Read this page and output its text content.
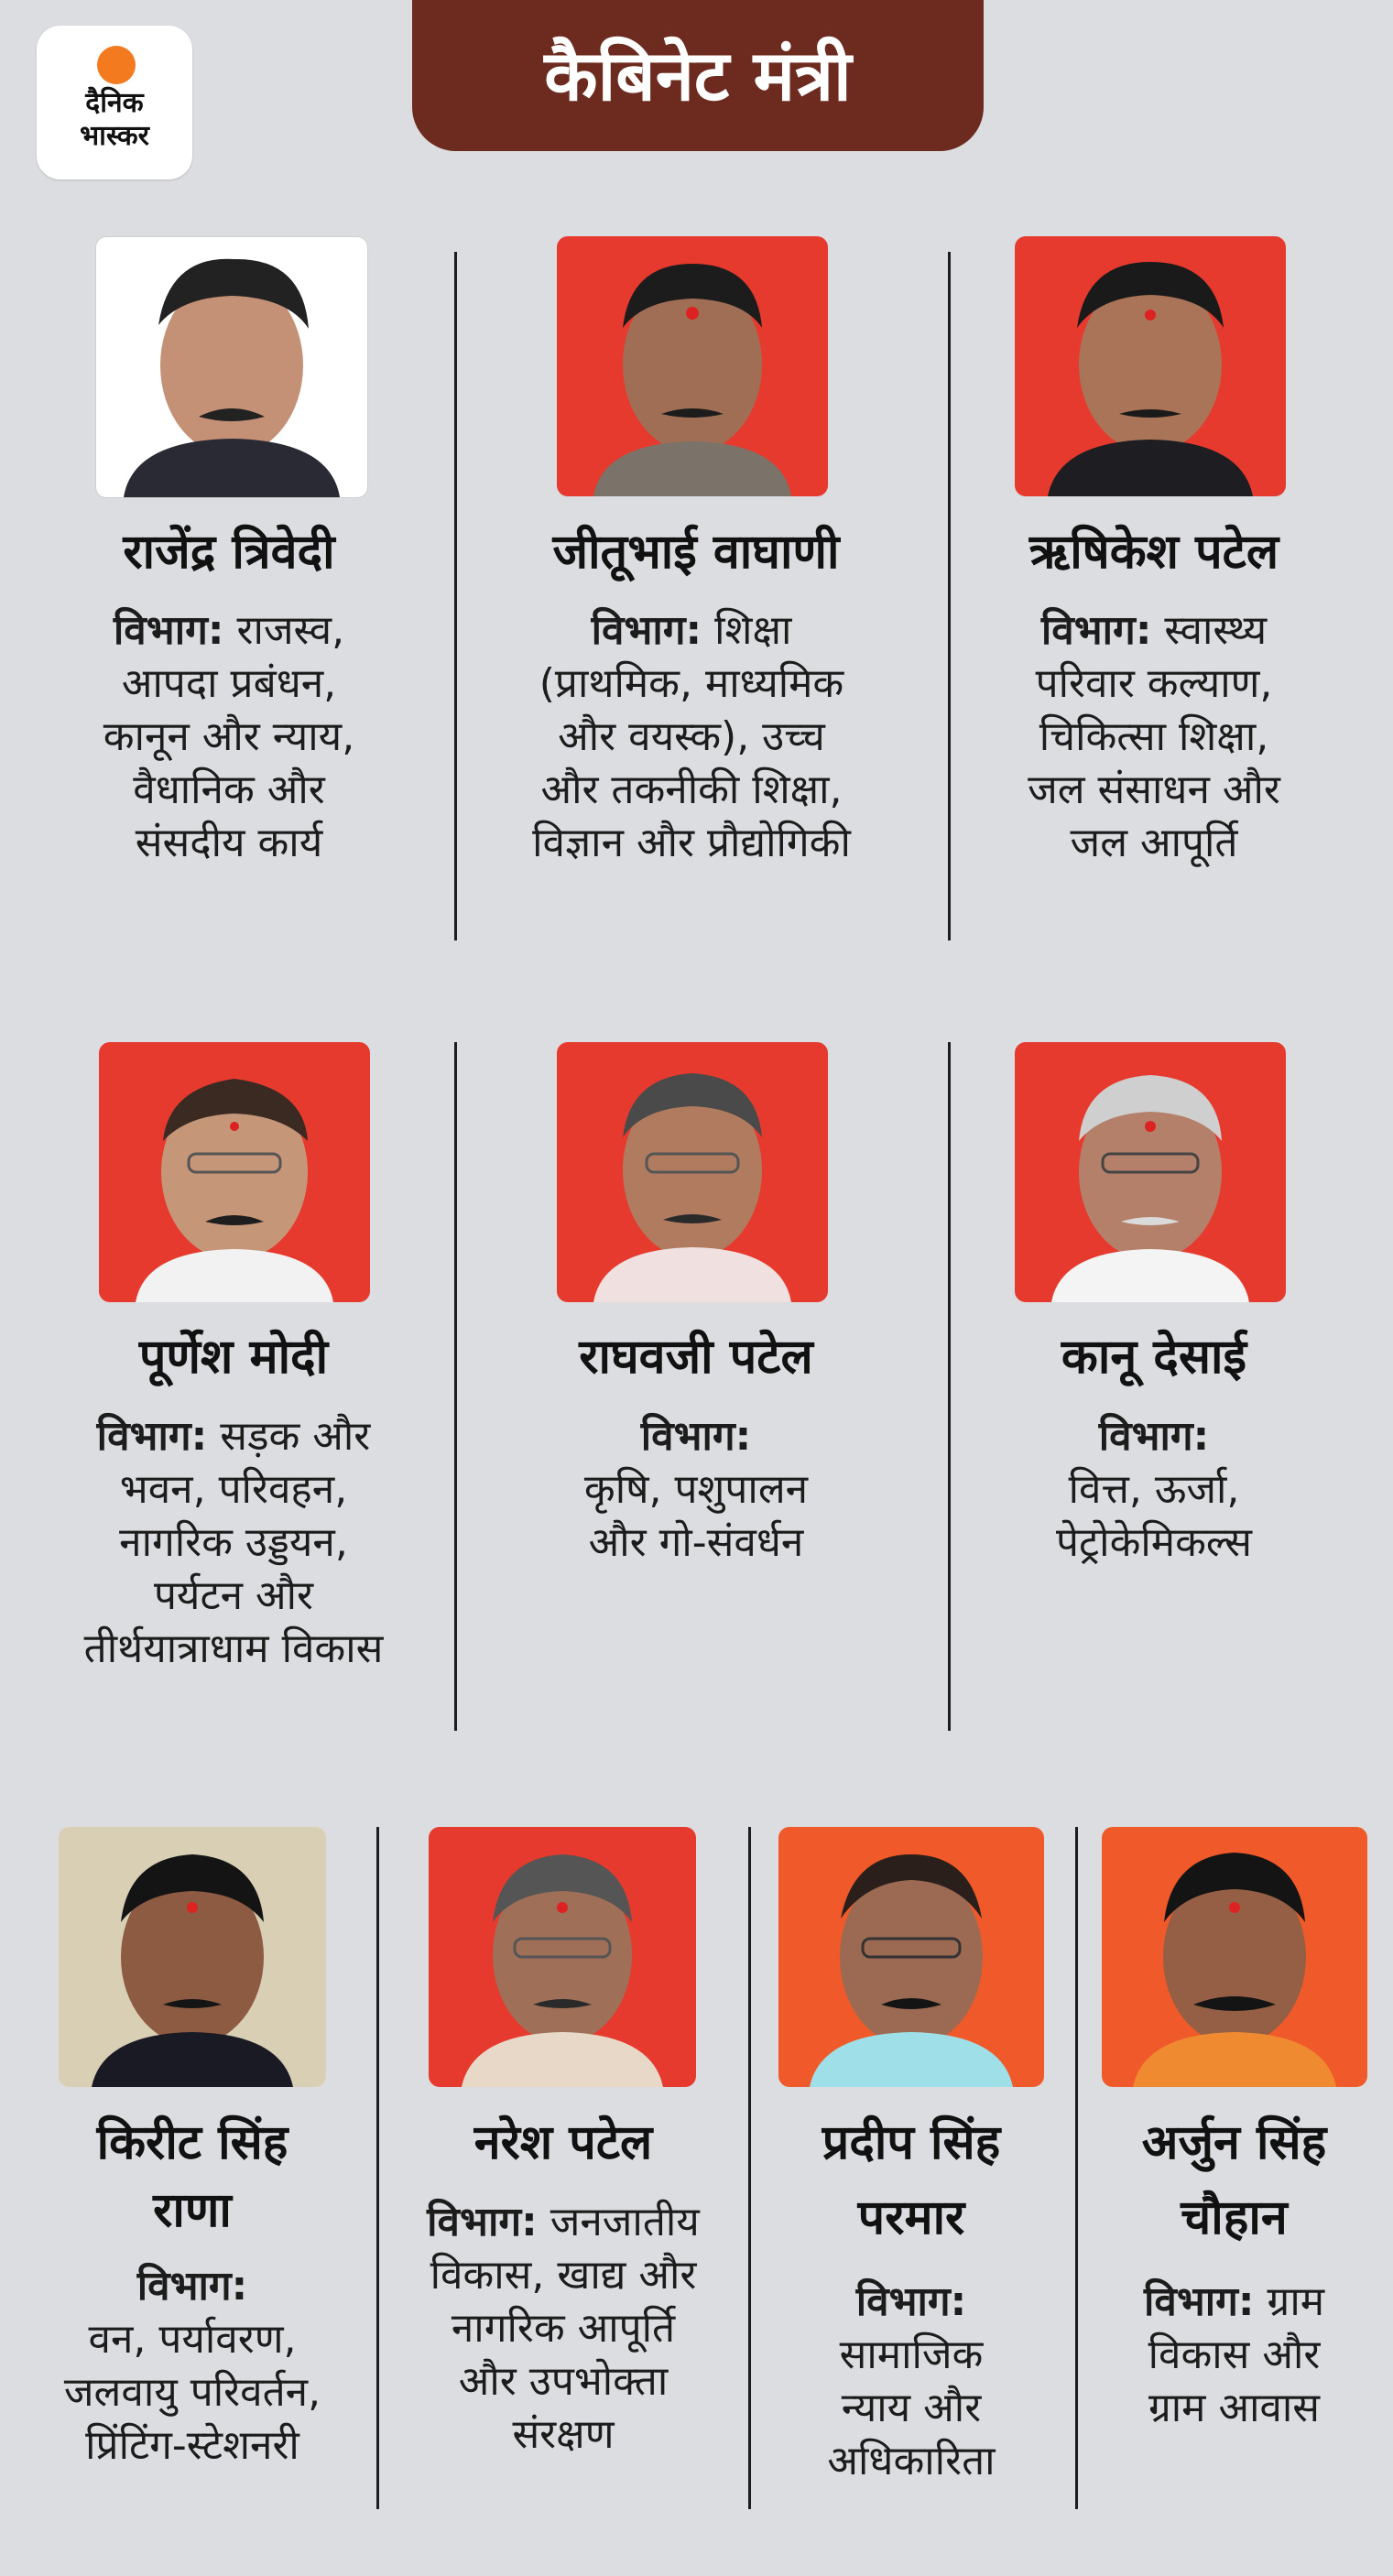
दैनिक
भास्कर
कैबिनेट मंत्री
राजेंद्र त्रिवेदी
विभाग: राजस्व,
आपदा प्रबंधन,
कानून और न्याय,
वैधानिक और
संसदीय कार्य
जीतूभाई वाघाणी
विभाग: शिक्षा
(प्राथमिक, माध्यमिक
और वयस्क), उच्च
और तकनीकी शिक्षा,
विज्ञान और प्रौद्योगिकी
ऋषिकेश पटेल
विभाग: स्वास्थ्य
परिवार कल्याण,
चिकित्सा शिक्षा,
जल संसाधन और
जल आपूर्ति
पूर्णेश मोदी
विभाग: सड़क और
भवन, परिवहन,
नागरिक उड्डयन,
पर्यटन और
तीर्थयात्राधाम विकास
राघवजी पटेल
विभाग:
कृषि, पशुपालन
और गो-संवर्धन
कानू देसाई
विभाग:
वित्त, ऊर्जा,
पेट्रोकेमिकल्स
किरीट सिंह
राणा
विभाग:
वन, पर्यावरण,
जलवायु परिवर्तन,
प्रिंटिंग-स्टेशनरी
नरेश पटेल
विभाग: जनजातीय
विकास, खाद्य और
नागरिक आपूर्ति
और उपभोक्ता
संरक्षण
प्रदीप सिंह
परमार
विभाग:
सामाजिक
न्याय और
अधिकारिता
अर्जुन सिंह
चौहान
विभाग: ग्राम
विकास और
ग्राम आवास
